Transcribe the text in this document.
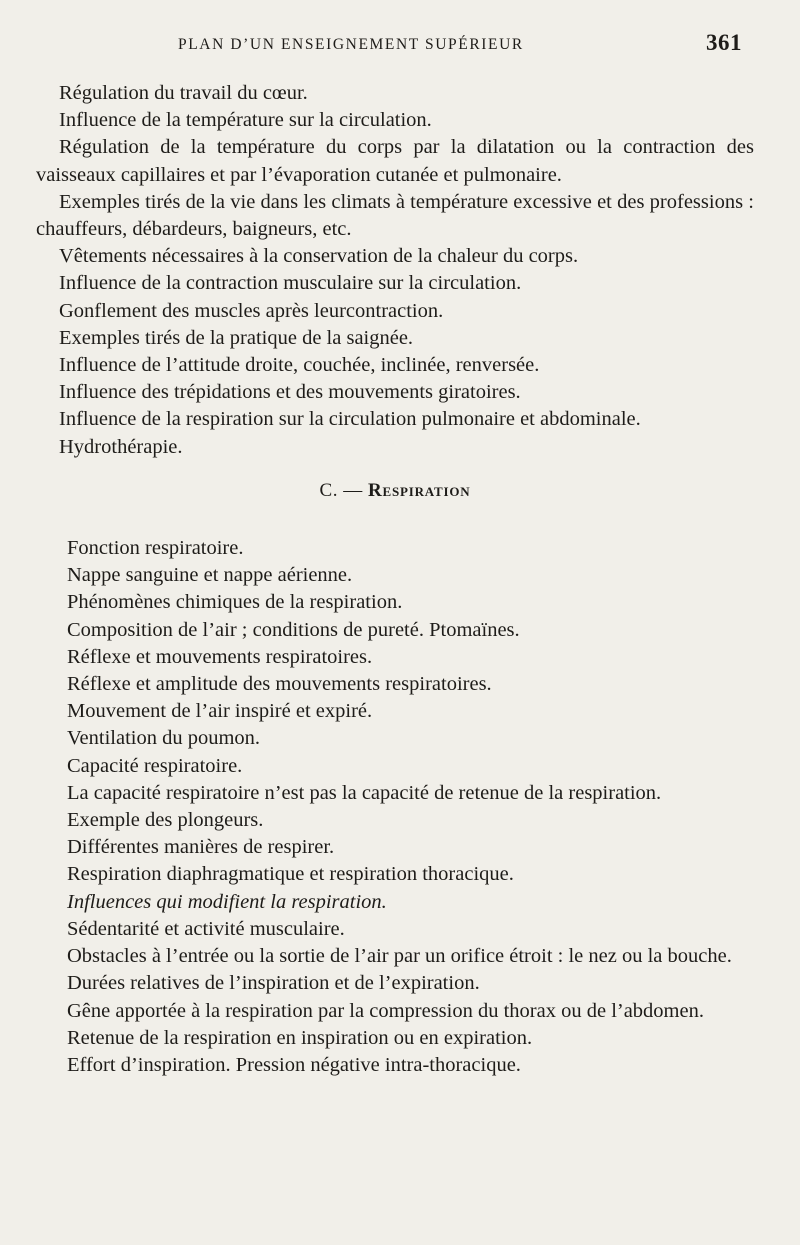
PLAN D’UN ENSEIGNEMENT SUPÉRIEUR	361

Régulation du travail du cœur.

Influence de la température sur la circulation.

Régulation de la température du corps par la dilatation ou la contraction des vaisseaux capillaires et par l’évaporation cutanée et pulmonaire.

Exemples tirés de la vie dans les climats à température excessive et des professions : chauffeurs, débardeurs, baigneurs, etc.

Vêtements nécessaires à la conservation de la chaleur du corps.

Influence de la contraction musculaire sur la circulation.

Gonflement des muscles après leurcontraction.

Exemples tirés de la pratique de la saignée.

Influence de l’attitude droite, couchée, inclinée, renversée.

Influence des trépidations et des mouvements giratoires.

Influence de la respiration sur la circulation pulmonaire et abdominale.

Hydrothérapie.

C. — Respiration

Fonction respiratoire.

Nappe sanguine et nappe aérienne.

Phénomènes chimiques de la respiration.

Composition de l’air ; conditions de pureté. Ptomaïnes.

Réflexe et mouvements respiratoires.

Réflexe et amplitude des mouvements respiratoires.

Mouvement de l’air inspiré et expiré.

Ventilation du poumon.

Capacité respiratoire.

La capacité respiratoire n’est pas la capacité de retenue de la respiration.

Exemple des plongeurs.

Différentes manières de respirer.

Respiration diaphragmatique et respiration thoracique.

Influences qui modifient la respiration.

Sédentarité et activité musculaire.

Obstacles à l’entrée ou la sortie de l’air par un orifice étroit : le nez ou la bouche.

Durées relatives de l’inspiration et de l’expiration.

Gêne apportée à la respiration par la compression du thorax ou de l’abdomen.

Retenue de la respiration en inspiration ou en expiration.

Effort d’inspiration. Pression négative intra-thoracique.
